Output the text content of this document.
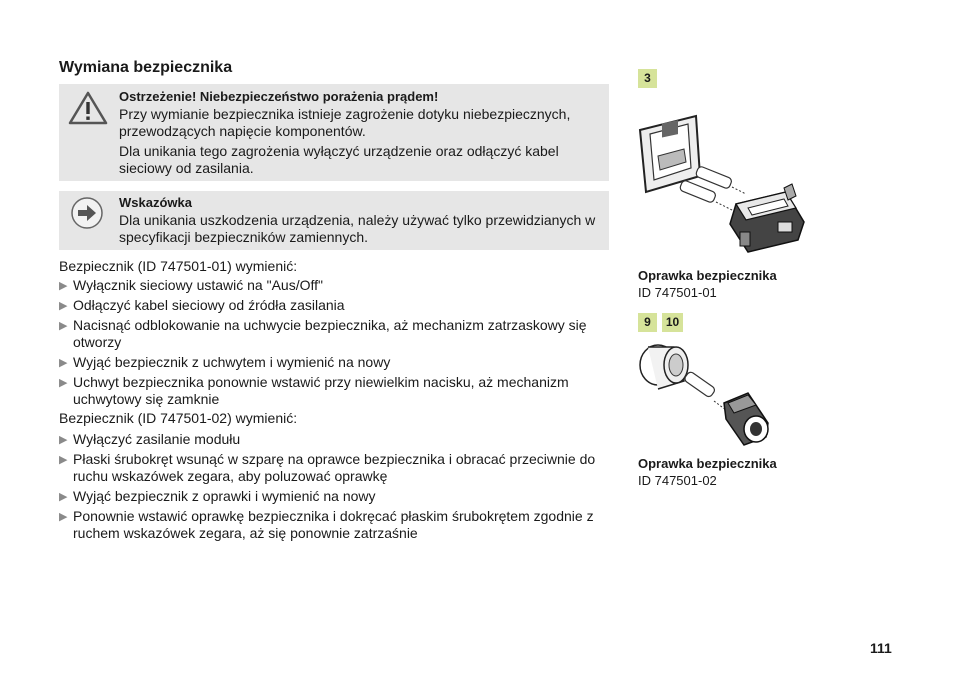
Wymiana bezpiecznika
Ostrzeżenie! Niebezpieczeństwo porażenia prądem!

Przy wymianie bezpiecznika istnieje zagrożenie dotyku niebezpiecznych, przewodzących napięcie komponentów.

Dla unikania tego zagrożenia wyłączyć urządzenie oraz odłączyć kabel sieciowy od zasilania.

Wskazówka

Dla unikania uszkodzenia urządzenia, należy używać tylko przewidzianych w specyfikacji bezpieczników zamiennych.

Bezpiecznik (ID 747501-01) wymienić:
▶ Wyłącznik sieciowy ustawić na "Aus/Off"
▶ Odłączyć kabel sieciowy od źródła zasilania
▶ Nacisnąć odblokowanie na uchwycie bezpiecznika, aż mechanizm zatrzaskowy się otworzy
▶ Wyjąć bezpiecznik z uchwytem i wymienić na nowy
▶ Uchwyt bezpiecznika ponownie wstawić przy niewielkim nacisku, aż mechanizm uchwytowy się zamknie
Bezpiecznik (ID 747501-02) wymienić:
▶ Wyłączyć zasilanie modułu
▶ Płaski śrubokręt wsunąć w szparę na oprawce bezpiecznika i obracać przeciwnie do ruchu wskazówek zegara, aby poluzować oprawkę
▶ Wyjąć bezpiecznik z oprawki i wymienić na nowy
▶ Ponownie wstawić oprawkę bezpiecznika i dokręcać płaskim śrubokrętem zgodnie z ruchem wskazówek zegara, aż się ponownie zatrzaśnie
3
Oprawka bezpiecznika
ID 747501-01
9	10
Oprawka bezpiecznika
ID 747501-02
111
